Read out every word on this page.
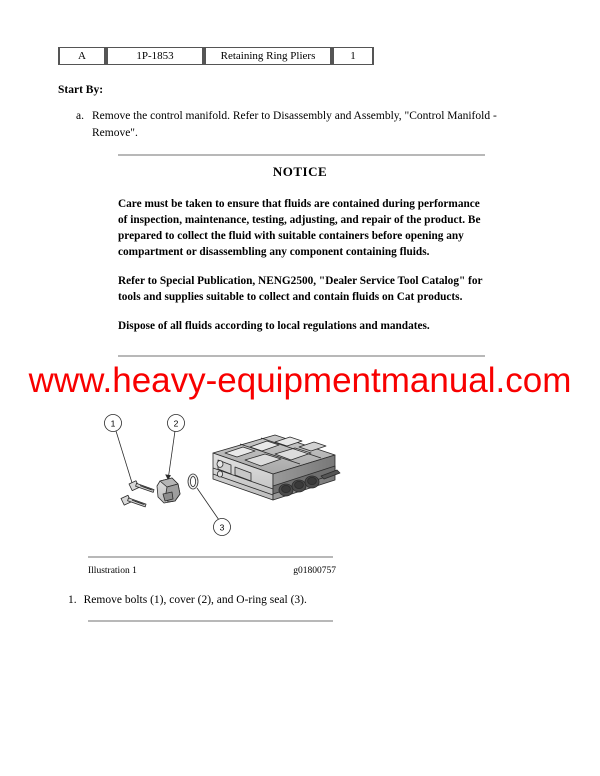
A	1P-1853	Retaining Ring Pliers	1
Start By:
a. Remove the control manifold. Refer to Disassembly and Assembly, "Control Manifold - Remove".
NOTICE

Care must be taken to ensure that fluids are contained during performance of inspection, maintenance, testing, adjusting, and repair of the product. Be prepared to collect the fluid with suitable containers before opening any compartment or disassembling any component containing fluids.

Refer to Special Publication, NENG2500, "Dealer Service Tool Catalog" for tools and supplies suitable to collect and contain fluids on Cat products.

Dispose of all fluids according to local regulations and mandates.

www.heavy-equipmentmanual.com
1	2
3
Illustration 1	g01800757
1. Remove bolts (1), cover (2), and O-ring seal (3).
